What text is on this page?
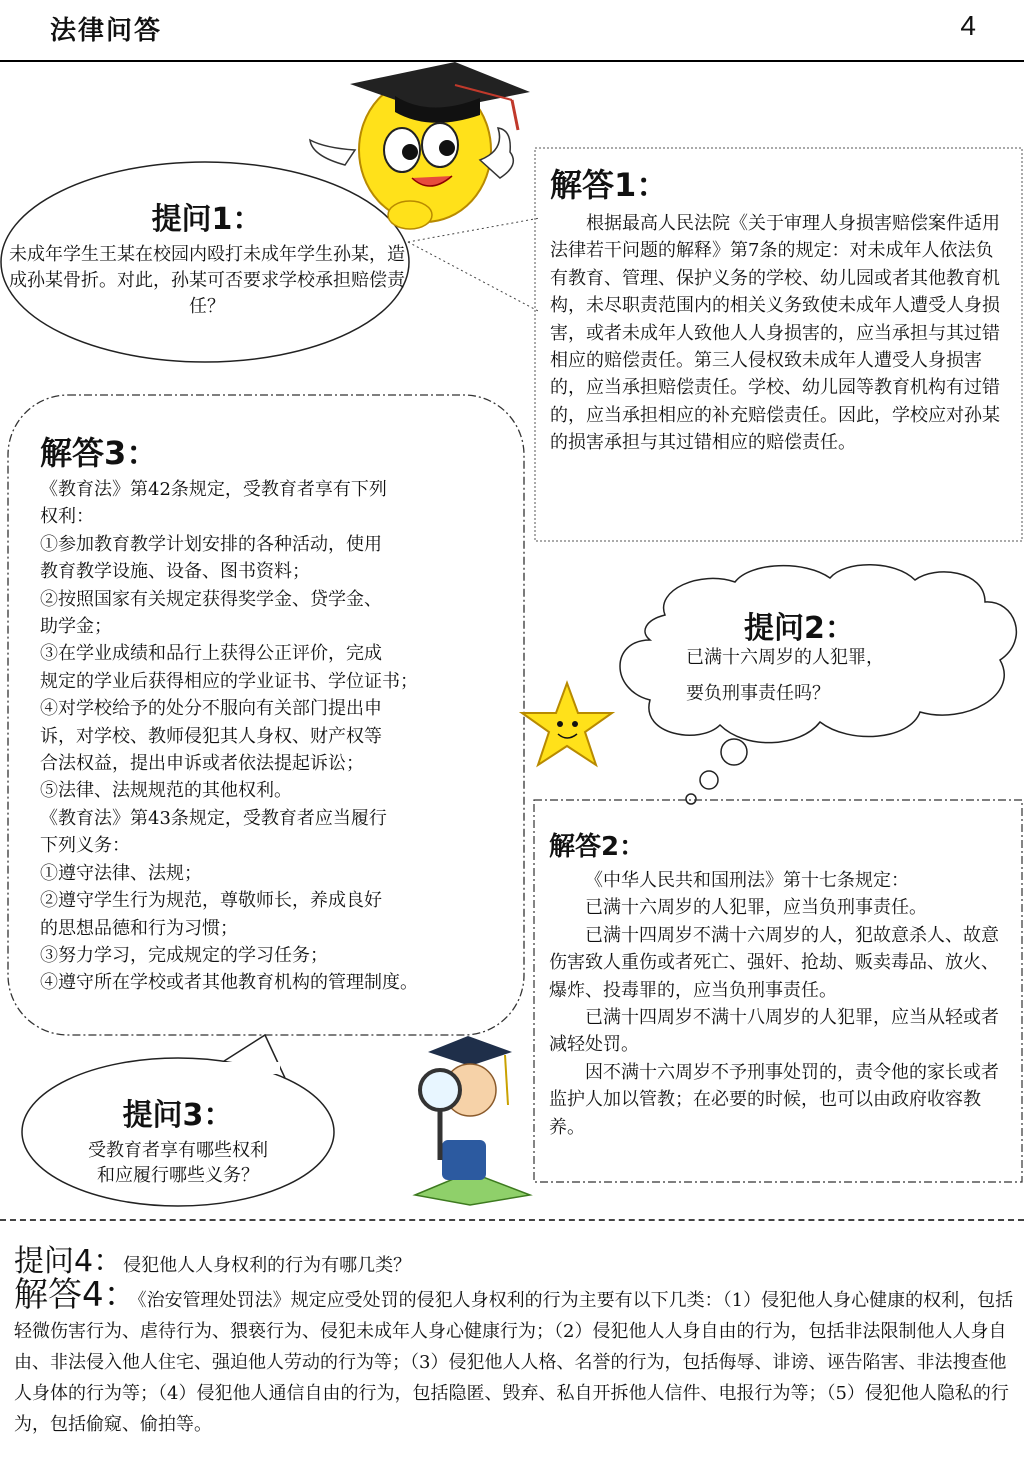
法律问答	4
提问1：
未成年学生王某在校园内殴打未成年学生孙某，造成孙某骨折。对此，孙某可否要求学校承担赔偿责任？
解答1：
根据最高人民法院《关于审理人身损害赔偿案件适用法律若干问题的解释》第7条的规定：对未成年人依法负有教育、管理、保护义务的学校、幼儿园或者其他教育机构，未尽职责范围内的相关义务致使未成年人遭受人身损害，或者未成年人致他人人身损害的，应当承担与其过错相应的赔偿责任。第三人侵权致未成年人遭受人身损害的，应当承担赔偿责任。学校、幼儿园等教育机构有过错的，应当承担相应的补充赔偿责任。因此，学校应对孙某的损害承担与其过错相应的赔偿责任。
解答3：
《教育法》第42条规定，受教育者享有下列
权利：
①参加教育教学计划安排的各种活动，使用
教育教学设施、设备、图书资料；
②按照国家有关规定获得奖学金、贷学金、
助学金；
③在学业成绩和品行上获得公正评价，完成
规定的学业后获得相应的学业证书、学位证书；
④对学校给予的处分不服向有关部门提出申
诉，对学校、教师侵犯其人身权、财产权等
合法权益，提出申诉或者依法提起诉讼；
⑤法律、法规规范的其他权利。
《教育法》第43条规定，受教育者应当履行
下列义务：
①遵守法律、法规；
②遵守学生行为规范，尊敬师长，养成良好
的思想品德和行为习惯；
③努力学习，完成规定的学习任务；
④遵守所在学校或者其他教育机构的管理制度。
提问2：
已满十六周岁的人犯罪，
要负刑事责任吗？
解答2：
《中华人民共和国刑法》第十七条规定：
已满十六周岁的人犯罪，应当负刑事责任。
已满十四周岁不满十六周岁的人，犯故意杀人、故意伤害致人重伤或者死亡、强奸、抢劫、贩卖毒品、放火、爆炸、投毒罪的，应当负刑事责任。
已满十四周岁不满十八周岁的人犯罪，应当从轻或者减轻处罚。
因不满十六周岁不予刑事处罚的，责令他的家长或者监护人加以管教；在必要的时候，也可以由政府收容教养。
提问3：
受教育者享有哪些权利
和应履行哪些义务？
提问4：侵犯他人人身权利的行为有哪几类？
解答4：《治安管理处罚法》规定应受处罚的侵犯人身权利的行为主要有以下几类：（1）侵犯他人身心健康的权利，包括轻微伤害行为、虐待行为、猥亵行为、侵犯未成年人身心健康行为；（2）侵犯他人人身自由的行为，包括非法限制他人人身自由、非法侵入他人住宅、强迫他人劳动的行为等；（3）侵犯他人人格、名誉的行为，包括侮辱、诽谤、诬告陷害、非法搜查他人身体的行为等；（4）侵犯他人通信自由的行为，包括隐匿、毁弃、私自开拆他人信件、电报行为等；（5）侵犯他人隐私的行为，包括偷窥、偷拍等。
